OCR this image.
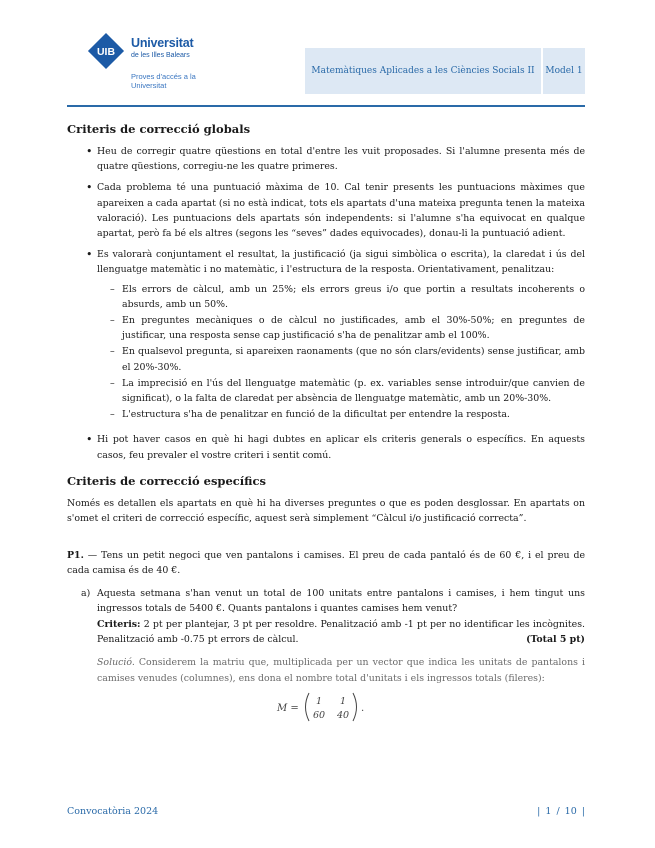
UIB
Universitat
de les Illes Balears
Proves d'accés a la Universitat
Matemàtiques Aplicades a les Ciències Socials II	Model 1
Criteris de correcció globals
• Heu de corregir quatre qüestions en total d'entre les vuit proposades. Si l'alumne presenta més de quatre qüestions, corregiu-ne les quatre primeres.
• Cada problema té una puntuació màxima de 10. Cal tenir presents les puntuacions màximes que apareixen a cada apartat (si no està indicat, tots els apartats d'una mateixa pregunta tenen la mateixa valoració). Les puntuacions dels apartats són independents: si l'alumne s'ha equivocat en qualque apartat, però fa bé els altres (segons les “seves” dades equivocades), donau-li la puntuació adient.
• Es valorarà conjuntament el resultat, la justificació (ja sigui simbòlica o escrita), la claredat i ús del llenguatge matemàtic i no matemàtic, i l'estructura de la resposta. Orientativament, penalitzau:
– Els errors de càlcul, amb un 25%; els errors greus i/o que portin a resultats incoherents o absurds, amb un 50%.
– En preguntes mecàniques o de càlcul no justificades, amb el 30%-50%; en preguntes de justificar, una resposta sense cap justificació s'ha de penalitzar amb el 100%.
– En qualsevol pregunta, si apareixen raonaments (que no són clars/evidents) sense justificar, amb el 20%-30%.
– La imprecisió en l'ús del llenguatge matemàtic (p. ex. variables sense introduir/que canvien de significat), o la falta de claredat per absència de llenguatge matemàtic, amb un 20%-30%.
– L'estructura s'ha de penalitzar en funció de la dificultat per entendre la resposta.
• Hi pot haver casos en què hi hagi dubtes en aplicar els criteris generals o específics. En aquests casos, feu prevaler el vostre criteri i sentit comú.
Criteris de correcció específics

Només es detallen els apartats en què hi ha diverses preguntes o que es poden desglossar. En apartats on s'omet el criteri de correcció específic, aquest serà simplement “Càlcul i/o justificació correcta”.

P1. — Tens un petit negoci que ven pantalons i camises. El preu de cada pantaló és de 60 €, i el preu de cada camisa és de 40 €.

a) Aquesta setmana s'han venut un total de 100 unitats entre pantalons i camises, i hem tingut uns ingressos totals de 5400 €. Quants pantalons i quantes camises hem venut?
Criteris: 2 pt per plantejar, 3 pt per resoldre. Penalització amb -1 pt per no identificar les incògnites. Penalització amb -0.75 pt errors de càlcul.	(Total 5 pt)
Solució. Considerem la matriu que, multiplicada per un vector que indica les unitats de pantalons i camises venudes (columnes), ens dona el nombre total d'unitats i els ingressos totals (fileres):
M =
1 1
60 40
.
Convocatòria 2024	| 1 / 10 |
